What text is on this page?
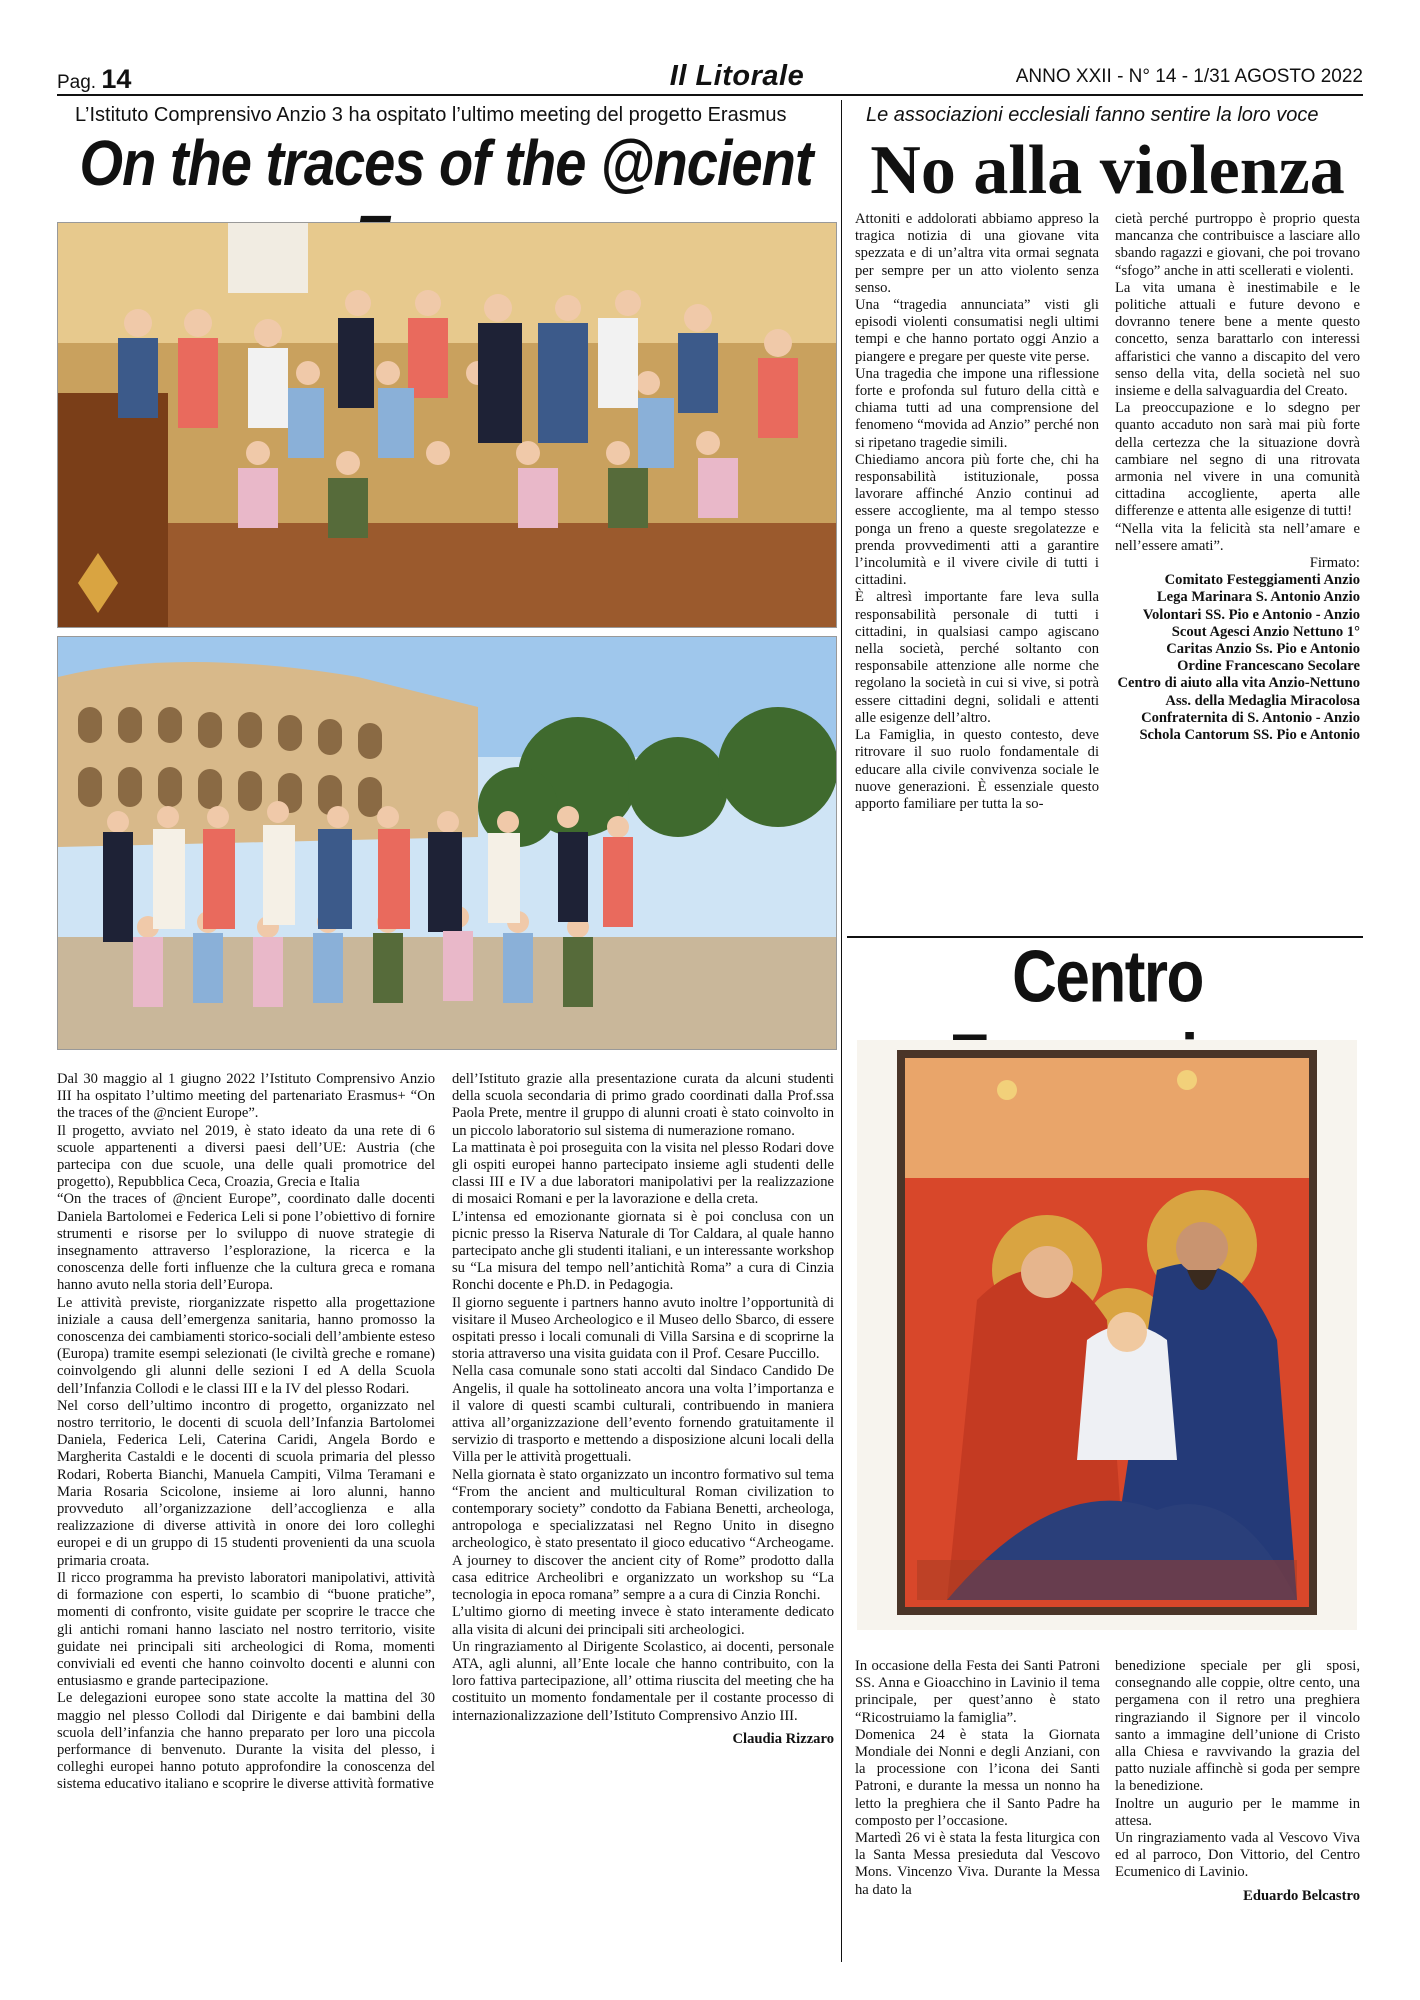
Pag. 14	Il Litorale	ANNO XXII - N° 14 - 1/31 AGOSTO 2022
L’Istituto Comprensivo Anzio 3 ha ospitato l’ultimo meeting del progetto Erasmus
On the traces of the @ncient

Dal 30 maggio al 1 giugno 2022 l’Istituto Comprensivo Anzio III ha ospitato l’ultimo meeting del partenariato Erasmus+ “On the traces of the @ncient Europe”.

Il progetto, avviato nel 2019, è stato ideato da una rete di 6 scuole appartenenti a diversi paesi dell’UE: Austria (che partecipa con due scuole, una delle quali promotrice del progetto), Repubblica Ceca, Croazia, Grecia e Italia

“On the traces of @ncient Europe”, coordinato dalle docenti Daniela Bartolomei e Federica Leli si pone l’obiettivo di fornire strumenti e risorse per lo sviluppo di nuove strategie di insegnamento attraverso l’esplorazione, la ricerca e la conoscenza delle forti influenze che la cultura greca e romana hanno avuto nella storia dell’Europa.

Le attività previste, riorganizzate rispetto alla progettazione iniziale a causa dell’emergenza sanitaria, hanno promosso la conoscenza dei cambiamenti storico-sociali dell’ambiente esteso (Europa) tramite esempi selezionati (le civiltà greche e romane) coinvolgendo gli alunni delle sezioni I ed A della Scuola dell’Infanzia Collodi e le classi III e la IV del plesso Rodari.

Nel corso dell’ultimo incontro di progetto, organizzato nel nostro territorio, le docenti di scuola dell’Infanzia Bartolomei Daniela, Federica Leli, Caterina Caridi, Angela Bordo e Margherita Castaldi e le docenti di scuola primaria del plesso Rodari, Roberta Bianchi, Manuela Campiti, Vilma Teramani e Maria Rosaria Scicolone, insieme ai loro alunni, hanno provveduto all’organizzazione dell’accoglienza e alla realizzazione di diverse attività in onore dei loro colleghi europei e di un gruppo di 15 studenti provenienti da una scuola primaria croata.

Il ricco programma ha previsto laboratori manipolativi, attività di formazione con esperti, lo scambio di “buone pratiche”, momenti di confronto, visite guidate per scoprire le tracce che gli antichi romani hanno lasciato nel nostro territorio, visite guidate nei principali siti archeologici di Roma, momenti conviviali ed eventi che hanno coinvolto docenti e alunni con entusiasmo e grande partecipazione.

Le delegazioni europee sono state accolte la mattina del 30 maggio nel plesso Collodi dal Dirigente e dai bambini della scuola dell’infanzia che hanno preparato per loro una piccola performance di benvenuto. Durante la visita del plesso, i colleghi europei hanno potuto approfondire la conoscenza del sistema educativo italiano e scoprire le diverse attività formative

dell’Istituto grazie alla presentazione curata da alcuni studenti della scuola secondaria di primo grado coordinati dalla Prof.ssa Paola Prete, mentre il gruppo di alunni croati è stato coinvolto in un piccolo laboratorio sul sistema di numerazione romano.

La mattinata è poi proseguita con la visita nel plesso Rodari dove gli ospiti europei hanno partecipato insieme agli studenti delle classi III e IV a due laboratori manipolativi per la realizzazione di mosaici Romani e per la lavorazione e della creta.

L’intensa ed emozionante giornata si è poi conclusa con un picnic presso la Riserva Naturale di Tor Caldara, al quale hanno partecipato anche gli studenti italiani, e un interessante workshop su “La misura del tempo nell’antichità Roma” a cura di Cinzia Ronchi docente e Ph.D. in Pedagogia.

Il giorno seguente i partners hanno avuto inoltre l’opportunità di visitare il Museo Archeologico e il Museo dello Sbarco, di essere ospitati presso i locali comunali di Villa Sarsina e di scoprirne la storia attraverso una visita guidata con il Prof. Cesare Puccillo.

Nella casa comunale sono stati accolti dal Sindaco Candido De Angelis, il quale ha sottolineato ancora una volta l’importanza e il valore di questi scambi culturali, contribuendo in maniera attiva all’organizzazione dell’evento fornendo gratuitamente il servizio di trasporto e mettendo a disposizione alcuni locali della Villa per le attività progettuali.

Nella giornata è stato organizzato un incontro formativo sul tema “From the ancient and multicultural Roman civilization to contemporary society” condotto da Fabiana Benetti, archeologa, antropologa e specializzatasi nel Regno Unito in disegno archeologico, è stato presentato il gioco educativo “Archeogame. A journey to discover the ancient city of Rome” prodotto dalla casa editrice Archeolibri e organizzato un workshop su “La tecnologia in epoca romana” sempre a a cura di Cinzia Ronchi.

L’ultimo giorno di meeting invece è stato interamente dedicato alla visita di alcuni dei principali siti archeologici.

Un ringraziamento al Dirigente Scolastico, ai docenti, personale ATA, agli alunni, all’Ente locale che hanno contribuito, con la loro fattiva partecipazione, all’ ottima riuscita del meeting che ha costituito un momento fondamentale per il costante processo di internazionalizzazione dell’Istituto Comprensivo Anzio III.

Claudia Rizzaro
Le associazioni ecclesiali fanno sentire la loro voce
No alla violenza

Attoniti e addolorati abbiamo appreso la tragica notizia di una giovane vita spezzata e di un’altra vita ormai segnata per sempre per un atto violento senza senso.

Una “tragedia annunciata” visti gli episodi violenti consumatisi negli ultimi tempi e che hanno portato oggi Anzio a piangere e pregare per queste vite perse.

Una tragedia che impone una riflessione forte e profonda sul futuro della città e chiama tutti ad una comprensione del fenomeno “movida ad Anzio” perché non si ripetano tragedie simili.

Chiediamo ancora più forte che, chi ha responsabilità istituzionale, possa lavorare affinché Anzio continui ad essere accogliente, ma al tempo stesso ponga un freno a queste sregolatezze e prenda provvedimenti atti a garantire l’incolumità e il vivere civile di tutti i cittadini.

È altresì importante fare leva sulla responsabilità personale di tutti i cittadini, in qualsiasi campo agiscano nella società, perché soltanto con responsabile attenzione alle norme che regolano la società in cui si vive, si potrà essere cittadini degni, solidali e attenti alle esigenze dell’altro.

La Famiglia, in questo contesto, deve ritrovare il suo ruolo fondamentale di educare alla civile convivenza sociale le nuove generazioni. È essenziale questo apporto familiare per tutta la so-

cietà perché purtroppo è proprio questa mancanza che contribuisce a lasciare allo sbando ragazzi e giovani, che poi trovano “sfogo” anche in atti scellerati e violenti.

La vita umana è inestimabile e le politiche attuali e future devono e dovranno tenere bene a mente questo concetto, senza barattarlo con interessi affaristici che vanno a discapito del vero senso della vita, della società nel suo insieme e della salvaguardia del Creato.

La preoccupazione e lo sdegno per quanto accaduto non sarà mai più forte della certezza che la situazione dovrà cambiare nel segno di una ritrovata armonia nel vivere in una comunità cittadina accogliente, aperta alle differenze e attenta alle esigenze di tutti!

“Nella vita la felicità sta nell’amare e nell’essere amati”.

Firmato:
Comitato Festeggiamenti Anzio
Lega Marinara S. Antonio Anzio
Volontari SS. Pio e Antonio - Anzio
Scout Agesci Anzio Nettuno 1°
Caritas Anzio Ss. Pio e Antonio
Ordine Francescano Secolare
Centro di aiuto alla vita Anzio-Nettuno
Ass. della Medaglia Miracolosa
Confraternita di S. Antonio - Anzio
Schola Cantorum SS. Pio e Antonio
Centro

In occasione della Festa dei Santi Patroni SS. Anna e Gioacchino in Lavinio il tema principale, per quest’anno è stato “Ricostruiamo la famiglia”.

Domenica 24 è stata la Giornata Mondiale dei Nonni e degli Anziani, con la processione con l’icona dei Santi Patroni, e durante la messa un nonno ha letto la preghiera che il Santo Padre ha composto per l’occasione.

Martedì 26 vi è stata la festa liturgica con la Santa Messa presieduta dal Vescovo Mons. Vincenzo Viva. Durante la Messa ha dato la

benedizione speciale per gli sposi, consegnando alle coppie, oltre cento, una pergamena con il retro una preghiera ringraziando il Signore per il vincolo santo a immagine dell’unione di Cristo alla Chiesa e ravvivando la grazia del patto nuziale affinchè si goda per sempre la benedizione.

Inoltre un augurio per le mamme in attesa.

Un ringraziamento vada al Vescovo Viva ed al parroco, Don Vittorio, del Centro Ecumenico di Lavinio.

Eduardo Belcastro
